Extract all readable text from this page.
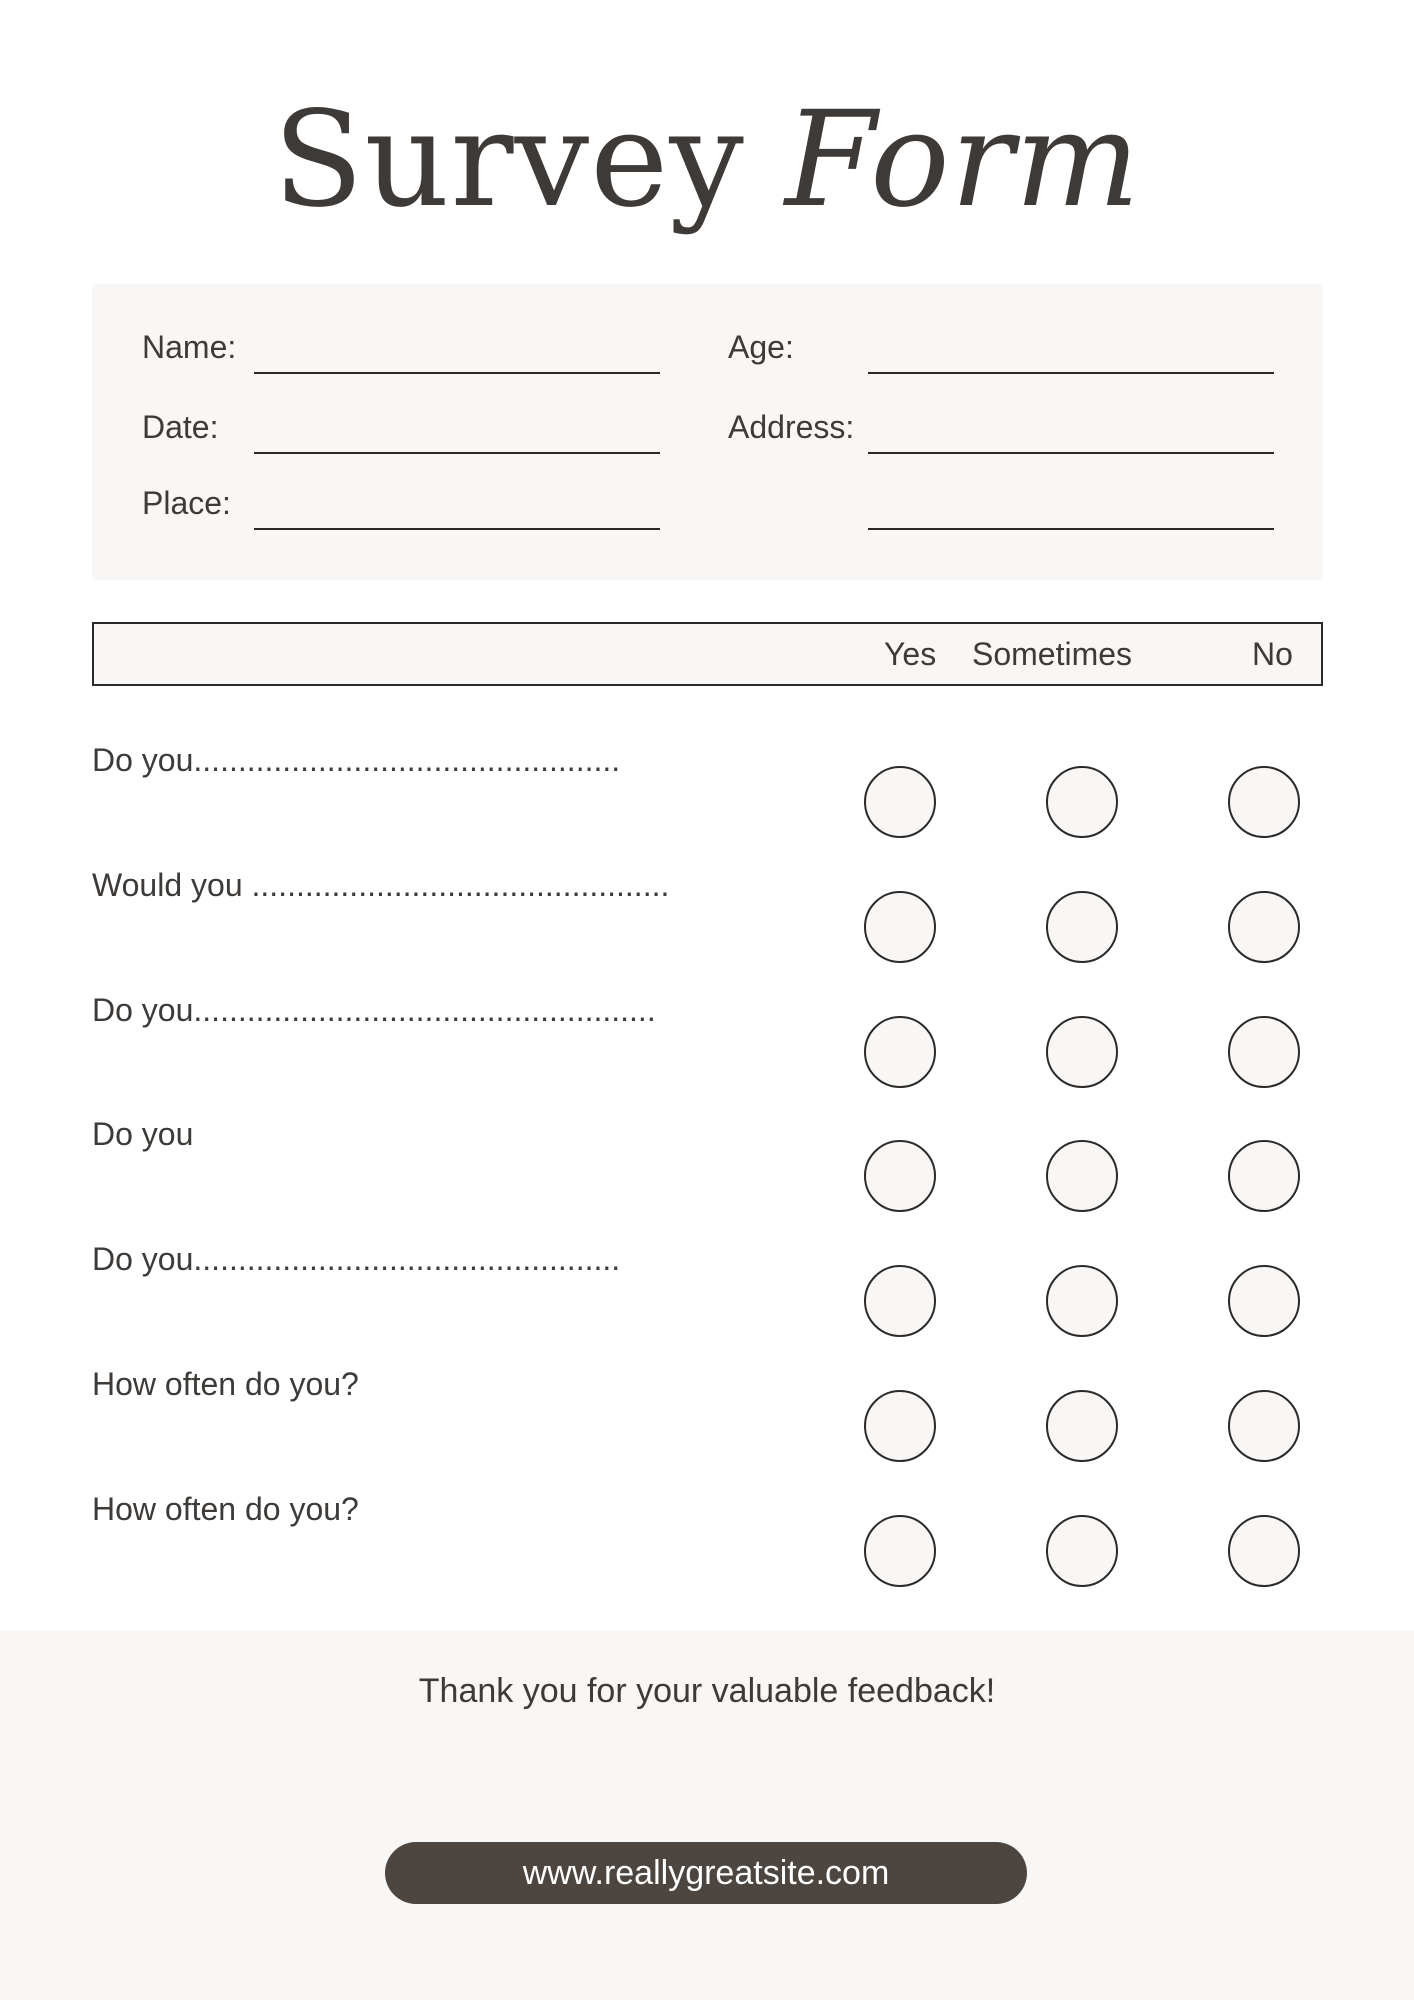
Survey Form
Name:
Date:
Place:
Age:
Address:
Yes Sometimes	No
Do you................................................
Would you ...............................................
Do you....................................................
Do you
Do you................................................
How often do you?
How often do you?
Thank you for your valuable feedback!
www.reallygreatsite.com
